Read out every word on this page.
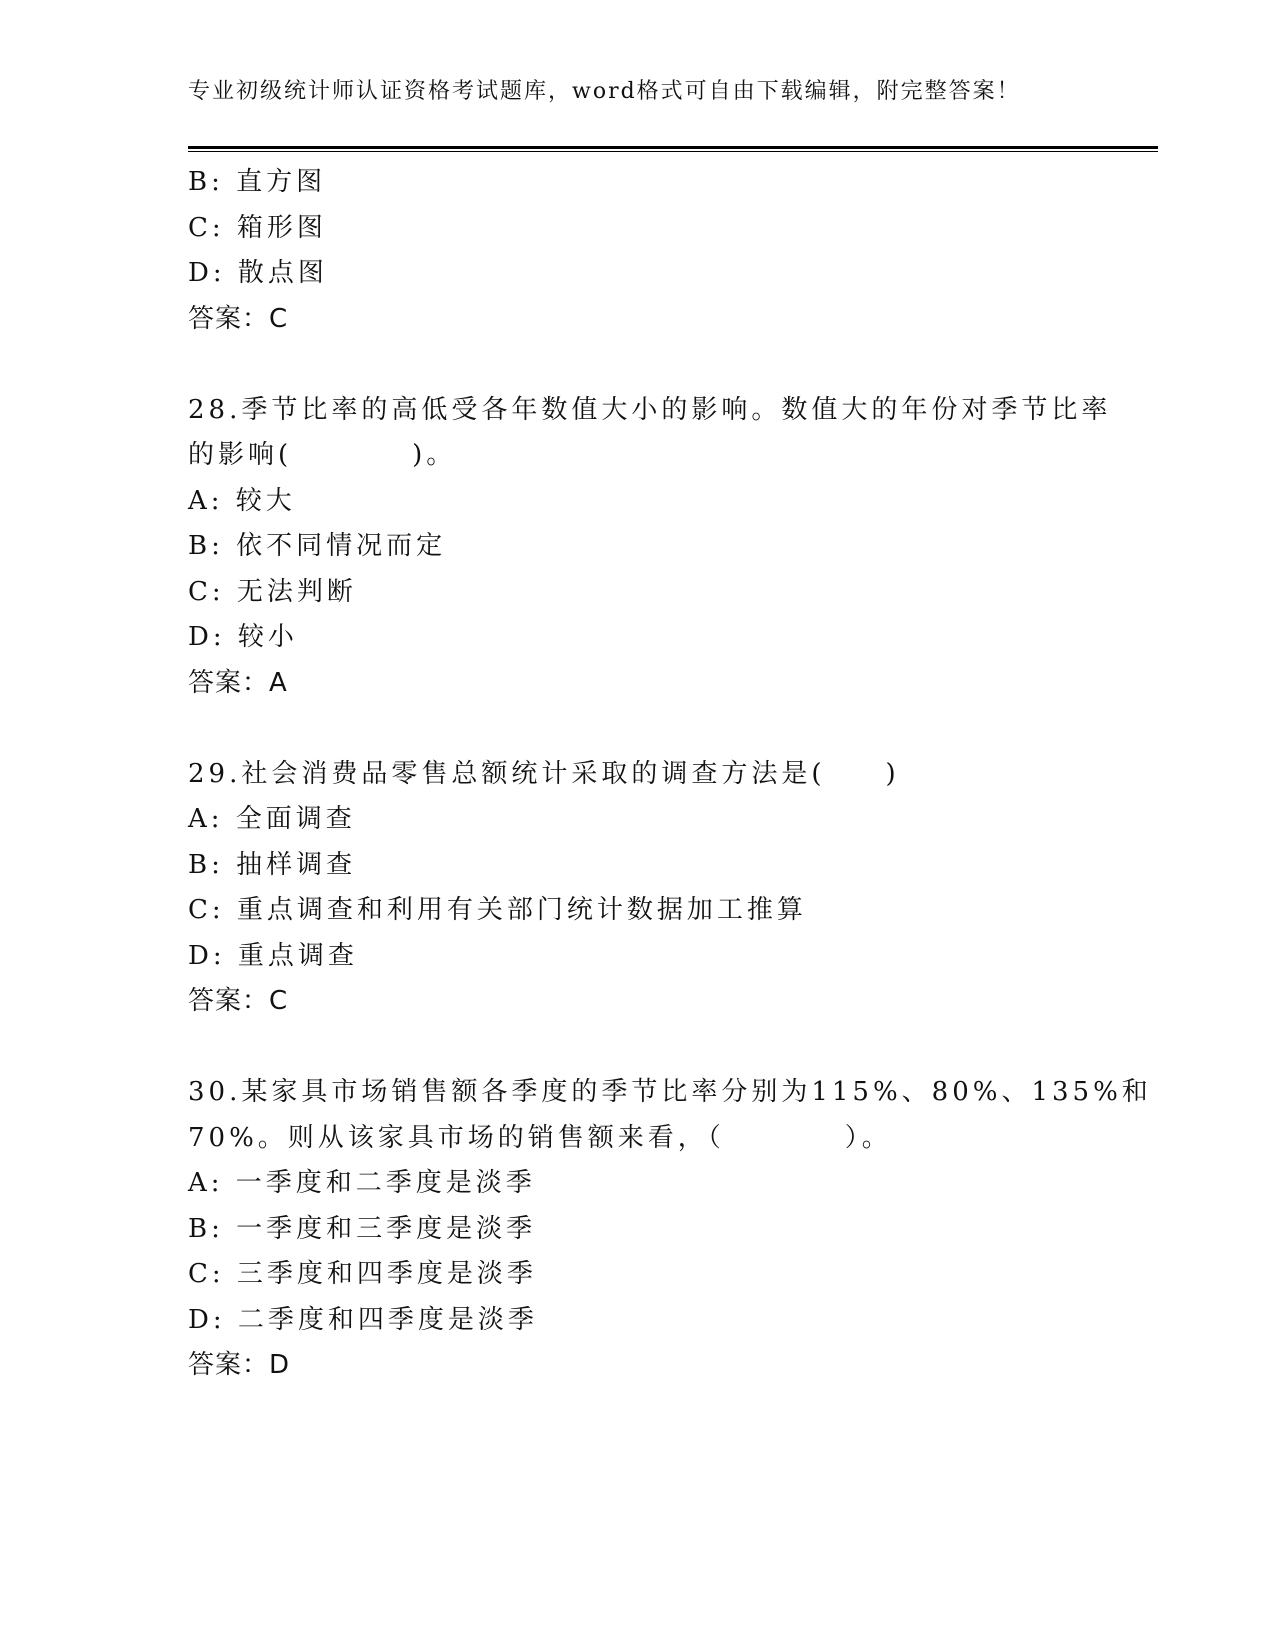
专业初级统计师认证资格考试题库，word格式可自由下载编辑，附完整答案！
B: 直方图
C: 箱形图
D: 散点图
答案：C
28.季节比率的高低受各年数值大小的影响。数值大的年份对季节比率
的影响(　　　　)。
A: 较大
B: 依不同情况而定
C: 无法判断
D: 较小
答案：A
29.社会消费品零售总额统计采取的调查方法是(　　)
A: 全面调查
B: 抽样调查
C: 重点调查和利用有关部门统计数据加工推算
D: 重点调查
答案：C
30.某家具市场销售额各季度的季节比率分别为115%、80%、135%和
70%。则从该家具市场的销售额来看，（　　　　）。
A: 一季度和二季度是淡季
B: 一季度和三季度是淡季
C: 三季度和四季度是淡季
D: 二季度和四季度是淡季
答案：D
